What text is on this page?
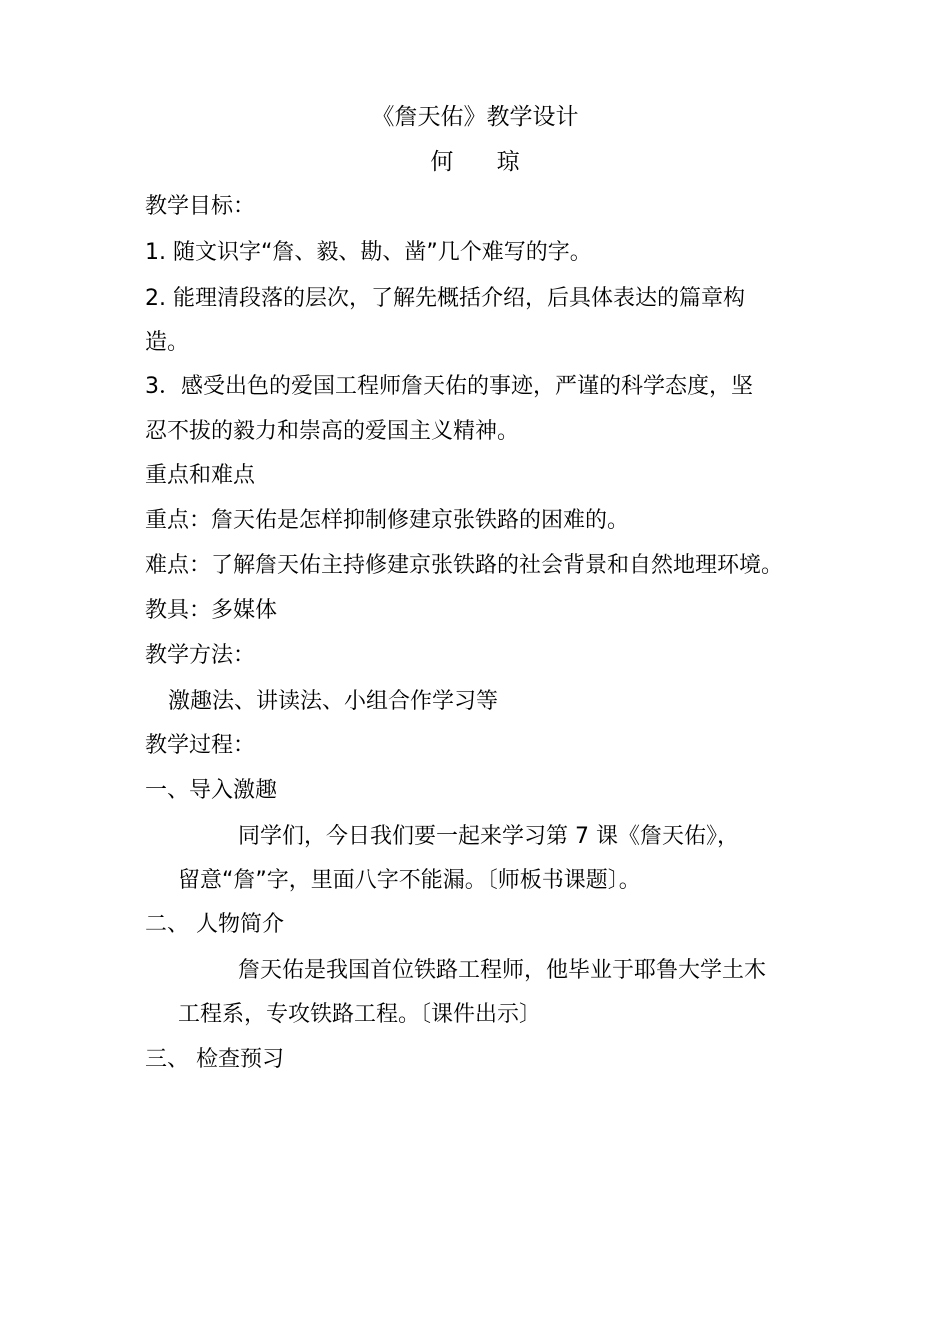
《詹天佑》教学设计

何 琼

教学目标：

1. 随文识字“詹、毅、勘、凿”几个难写的字。

2. 能理清段落的层次，了解先概括介绍，后具体表达的篇章构

造。

3．感受出色的爱国工程师詹天佑的事迹，严谨的科学态度，坚

忍不拔的毅力和崇高的爱国主义精神。

重点和难点

重点：詹天佑是怎样抑制修建京张铁路的困难的。

难点：了解詹天佑主持修建京张铁路的社会背景和自然地理环境。

教具：多媒体

教学方法：

激趣法、讲读法、小组合作学习等

教学过程：

一、导入激趣

同学们，今日我们要一起来学习第 7 课《詹天佑》，

留意“詹”字，里面八字不能漏。〔师板书课题〕。

二、 人物简介

詹天佑是我国首位铁路工程师，他毕业于耶鲁大学土木

工程系，专攻铁路工程。〔课件出示〕

三、 检查预习
